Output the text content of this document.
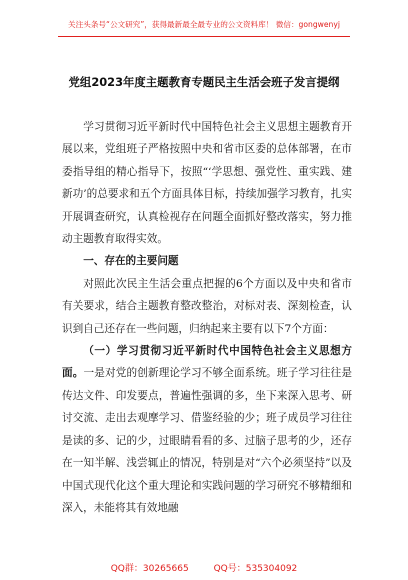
关注头条号“公文研究”，获得最新最全最专业的公文资料库！ 微信：gongwenyj
党组2023年度主题教育专题民主生活会班子发言提纲

学习贯彻习近平新时代中国特色社会主义思想主题教育开展以来，党组班子严格按照中央和省市区委的总体部署，在市委指导组的精心指导下，按照“‘学思想、强党性、重实践、建新功’的总要求和五个方面具体目标，持续加强学习教育，扎实开展调查研究，认真检视存在问题全面抓好整改落实，努力推动主题教育取得实效。

一、存在的主要问题

对照此次民主生活会重点把握的6个方面以及中央和省市有关要求，结合主题教育整改整治，对标对表、深刻检查，认识到自己还存在一些问题，归纳起来主要有以下7个方面：

（一）学习贯彻习近平新时代中国特色社会主义思想方面。一是对党的创新理论学习不够全面系统。班子学习往往是传达文件、印发要点，普遍性强调的多，坐下来深入思考、研讨交流、走出去观摩学习、借鉴经验的少；班子成员学习往往是读的多、记的少，过眼睛看看的多、过脑子思考的少，还存在一知半解、浅尝辄止的情况，特别是对“六个必须坚持”以及中国式现代化这个重大理论和实践问题的学习研究不够精细和深入，未能将其有效地融

QQ群：30265665	QQ号：535304092
